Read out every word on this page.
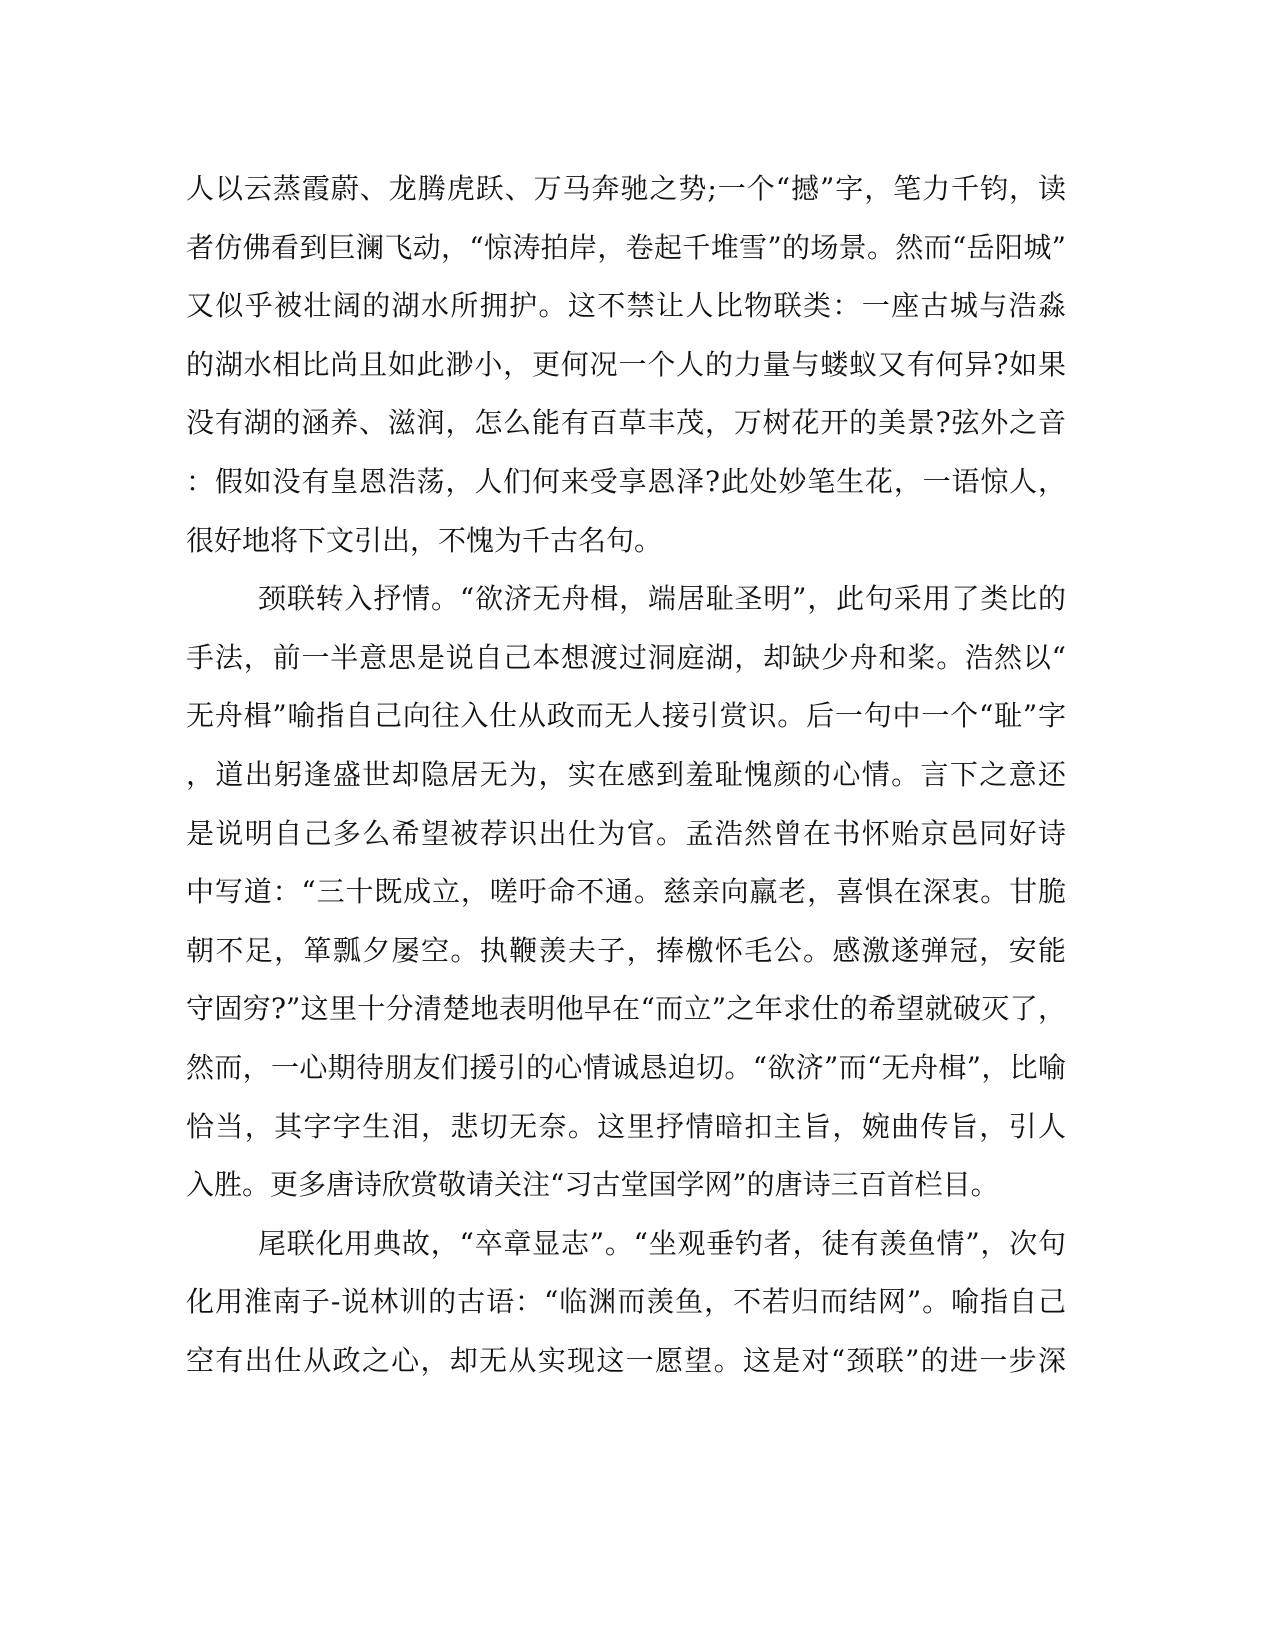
人以云蒸霞蔚、龙腾虎跃、万马奔驰之势;一个“撼”字，笔力千钧，读
者仿佛看到巨澜飞动，“惊涛拍岸，卷起千堆雪”的场景。然而“岳阳城”
又似乎被壮阔的湖水所拥护。这不禁让人比物联类：一座古城与浩淼
的湖水相比尚且如此渺小，更何况一个人的力量与蝼蚁又有何异?如果
没有湖的涵养、滋润，怎么能有百草丰茂，万树花开的美景?弦外之音
：假如没有皇恩浩荡，人们何来受享恩泽?此处妙笔生花，一语惊人，
很好地将下文引出，不愧为千古名句。
颈联转入抒情。“欲济无舟楫，端居耻圣明”，此句采用了类比的
手法，前一半意思是说自己本想渡过洞庭湖，却缺少舟和桨。浩然以“
无舟楫”喻指自己向往入仕从政而无人接引赏识。后一句中一个“耻”字
，道出躬逢盛世却隐居无为，实在感到羞耻愧颜的心情。言下之意还
是说明自己多么希望被荐识出仕为官。孟浩然曾在书怀贻京邑同好诗
中写道：“三十既成立，嗟吁命不通。慈亲向羸老，喜惧在深衷。甘脆
朝不足，箪瓢夕屡空。执鞭羡夫子，捧檄怀毛公。感激遂弹冠，安能
守固穷?”这里十分清楚地表明他早在“而立”之年求仕的希望就破灭了，
然而，一心期待朋友们援引的心情诚恳迫切。“欲济”而“无舟楫”，比喻
恰当，其字字生泪，悲切无奈。这里抒情暗扣主旨，婉曲传旨，引人
入胜。更多唐诗欣赏敬请关注“习古堂国学网”的唐诗三百首栏目。
尾联化用典故，“卒章显志”。“坐观垂钓者，徒有羡鱼情”，次句
化用淮南子-说林训的古语：“临渊而羡鱼，不若归而结网”。喻指自己
空有出仕从政之心，却无从实现这一愿望。这是对“颈联”的进一步深
